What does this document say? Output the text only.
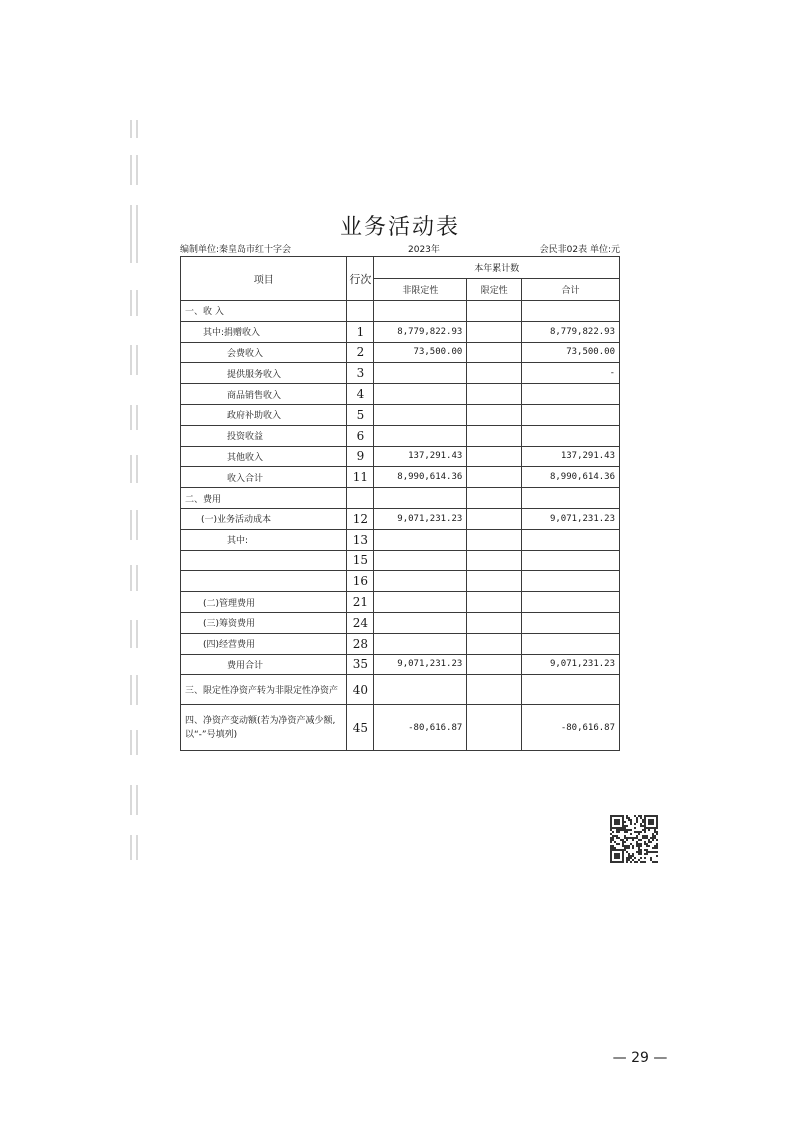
业务活动表
编制单位:秦皇岛市红十字会	2023年	会民非02表 单位:元
项目	行次	本年累计数		
		非限定性	限定性	合计
一、收 入				
其中:捐赠收入	1	8,779,822.93		8,779,822.93
会费收入	2	73,500.00		73,500.00
提供服务收入	3			-
商品销售收入	4			
政府补助收入	5			
投资收益	6			
其他收入	9	137,291.43		137,291.43
收入合计	11	8,990,614.36		8,990,614.36
二、费用				
(一)业务活动成本	12	9,071,231.23		9,071,231.23
其中:	13			
	15			
	16			
(二)管理费用	21			
(三)筹资费用	24			
(四)经营费用	28			
费用合计	35	9,071,231.23		9,071,231.23
三、限定性净资产转为非限定性净资产	40			
四、净资产变动额(若为净资产减少额,以“-”号填列)	45	-80,616.87		-80,616.87
— 29 —
